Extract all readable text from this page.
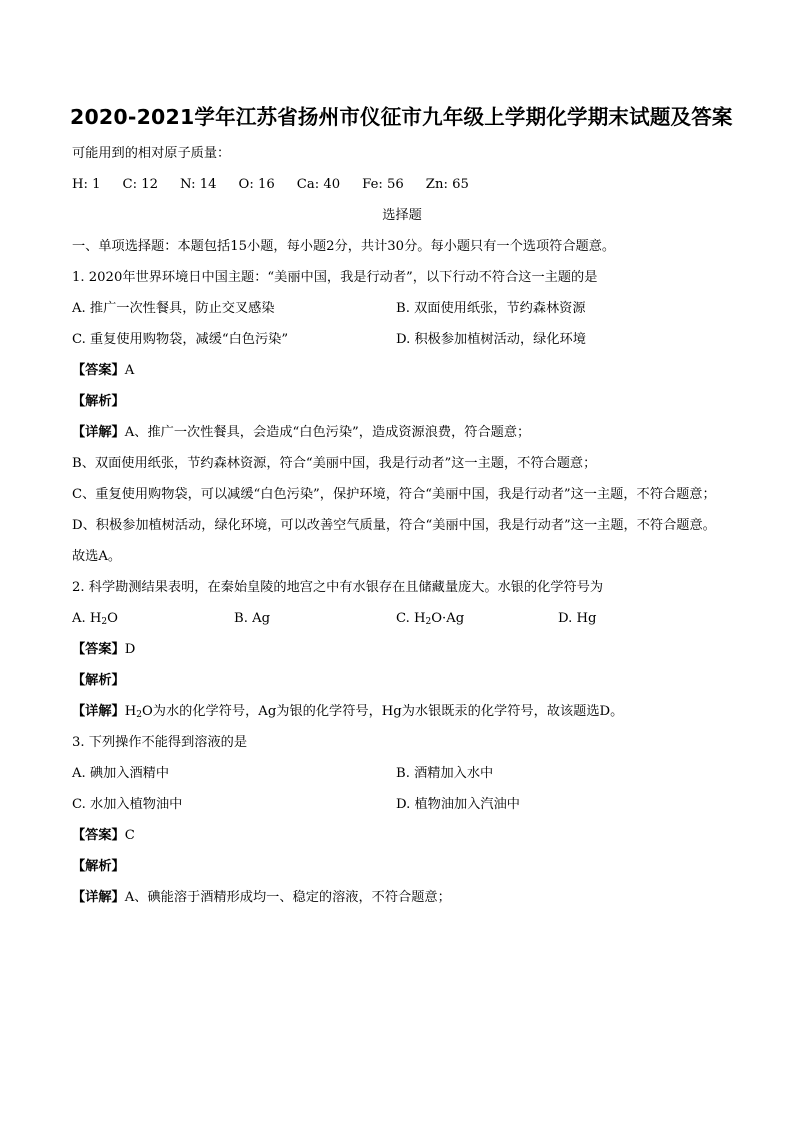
2020-2021学年江苏省扬州市仪征市九年级上学期化学期末试题及答案

可能用到的相对原子质量：

H: 1 C: 12 N: 14 O: 16 Ca: 40 Fe: 56 Zn: 65

选择题

一、单项选择题：本题包括15小题，每小题2分，共计30分。每小题只有一个选项符合题意。

1. 2020年世界环境日中国主题：“美丽中国，我是行动者”，以下行动不符合这一主题的是

A. 推广一次性餐具，防止交叉感染	B. 双面使用纸张，节约森林资源
C. 重复使用购物袋，减缓“白色污染”	D. 积极参加植树活动，绿化环境

【答案】A

【解析】

【详解】A、推广一次性餐具，会造成“白色污染”，造成资源浪费，符合题意；

B、双面使用纸张，节约森林资源，符合“美丽中国，我是行动者”这一主题，不符合题意；

C、重复使用购物袋，可以减缓“白色污染”，保护环境，符合“美丽中国，我是行动者”这一主题，不符合题意；

D、积极参加植树活动，绿化环境，可以改善空气质量，符合“美丽中国，我是行动者”这一主题，不符合题意。

故选A。

2. 科学勘测结果表明，在秦始皇陵的地宫之中有水银存在且储藏量庞大。水银的化学符号为

A. $H_2O$	B. Ag	C. $H_2O\cdot Ag$	D. Hg

【答案】D

【解析】

【详解】$H_2O$为水的化学符号，Ag为银的化学符号，Hg为水银既汞的化学符号，故该题选D。

3. 下列操作不能得到溶液的是

A. 碘加入酒精中	B. 酒精加入水中
C. 水加入植物油中	D. 植物油加入汽油中

【答案】C

【解析】

【详解】A、碘能溶于酒精形成均一、稳定的溶液，不符合题意；
